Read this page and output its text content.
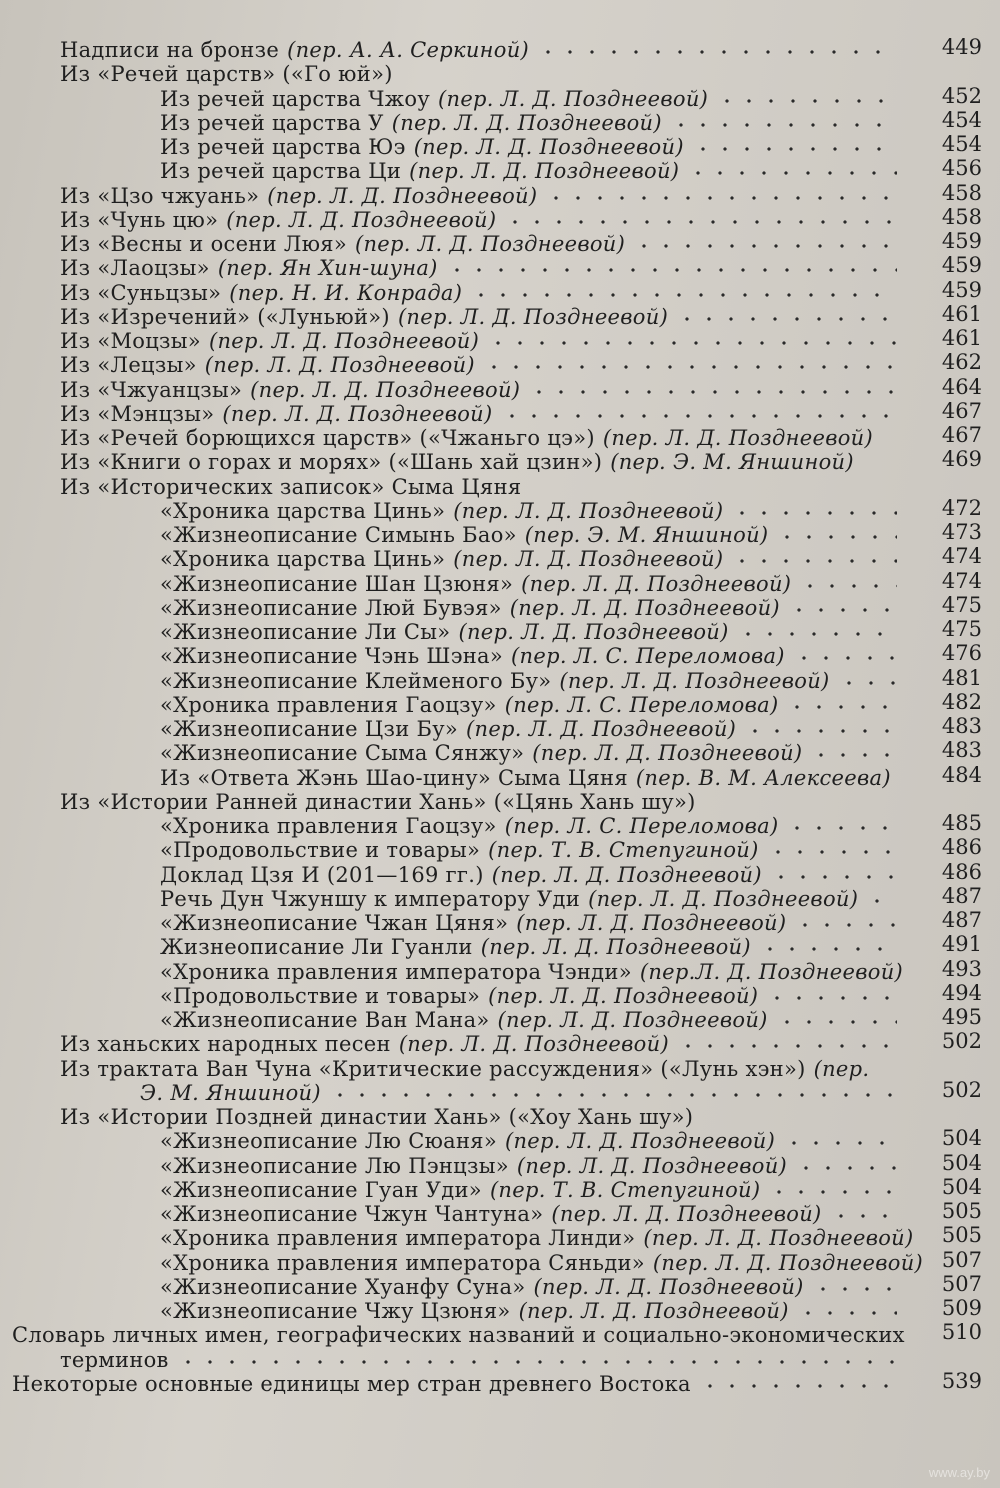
Надписи на бронзе (пер. А. А. Серкиной)	449
Из «Речей царств» («Го юй»)
Из речей царства Чжоу (пер. Л. Д. Позднеевой)	452
Из речей царства У (пер. Л. Д. Позднеевой)	454
Из речей царства Юэ (пер. Л. Д. Позднеевой)	454
Из речей царства Ци (пер. Л. Д. Позднеевой)	456
Из «Цзо чжуань» (пер. Л. Д. Позднеевой)	458
Из «Чунь цю» (пер. Л. Д. Позднеевой)	458
Из «Весны и осени Люя» (пер. Л. Д. Позднеевой)	459
Из «Лаоцзы» (пер. Ян Хин-шуна)	459
Из «Суньцзы» (пер. Н. И. Конрада)	459
Из «Изречений» («Луньюй») (пер. Л. Д. Позднеевой)	461
Из «Моцзы» (пер. Л. Д. Позднеевой)	461
Из «Лецзы» (пер. Л. Д. Позднеевой)	462
Из «Чжуанцзы» (пер. Л. Д. Позднеевой)	464
Из «Мэнцзы» (пер. Л. Д. Позднеевой)	467
Из «Речей борющихся царств» («Чжаньго цэ») (пер. Л. Д. Позднеевой)	467
Из «Книги о горах и морях» («Шань хай цзин») (пер. Э. М. Яншиной)	469
Из «Исторических записок» Сыма Цяня
«Хроника царства Цинь» (пер. Л. Д. Позднеевой)	472
«Жизнеописание Симынь Бао» (пер. Э. М. Яншиной)	473
«Хроника царства Цинь» (пер. Л. Д. Позднеевой)	474
«Жизнеописание Шан Цзюня» (пер. Л. Д. Позднеевой)	474
«Жизнеописание Люй Бувэя» (пер. Л. Д. Позднеевой)	475
«Жизнеописание Ли Сы» (пер. Л. Д. Позднеевой)	475
«Жизнеописание Чэнь Шэна» (пер. Л. С. Переломова)	476
«Жизнеописание Клейменого Бу» (пер. Л. Д. Позднеевой)	481
«Хроника правления Гаоцзу» (пер. Л. С. Переломова)	482
«Жизнеописание Цзи Бу» (пер. Л. Д. Позднеевой)	483
«Жизнеописание Сыма Сянжу» (пер. Л. Д. Позднеевой)	483
Из «Ответа Жэнь Шао-цину» Сыма Цяня (пер. В. М. Алексеева)	484
Из «Истории Ранней династии Хань» («Цянь Хань шу»)
«Хроника правления Гаоцзу» (пер. Л. С. Переломова)	485
«Продовольствие и товары» (пер. Т. В. Степугиной)	486
Доклад Цзя И (201—169 гг.) (пер. Л. Д. Позднеевой)	486
Речь Дун Чжуншу к императору Уди (пер. Л. Д. Позднеевой)	487
«Жизнеописание Чжан Цяня» (пер. Л. Д. Позднеевой)	487
Жизнеописание Ли Гуанли (пер. Л. Д. Позднеевой)	491
«Хроника правления императора Чэнди» (пер.Л. Д. Позднеевой)	493
«Продовольствие и товары» (пер. Л. Д. Позднеевой)	494
«Жизнеописание Ван Мана» (пер. Л. Д. Позднеевой)	495
Из ханьских народных песен (пер. Л. Д. Позднеевой)	502
Из трактата Ван Чуна «Критические рассуждения» («Лунь хэн») (пер.
Э. М. Яншиной)	502
Из «Истории Поздней династии Хань» («Хоу Хань шу»)
«Жизнеописание Лю Сюаня» (пер. Л. Д. Позднеевой)	504
«Жизнеописание Лю Пэнцзы» (пер. Л. Д. Позднеевой)	504
«Жизнеописание Гуан Уди» (пер. Т. В. Степугиной)	504
«Жизнеописание Чжун Чантуна» (пер. Л. Д. Позднеевой)	505
«Хроника правления императора Линди» (пер. Л. Д. Позднеевой)	505
«Хроника правления императора Сяньди» (пер. Л. Д. Позднеевой) 507
«Жизнеописание Хуанфу Суна» (пер. Л. Д. Позднеевой)	507
«Жизнеописание Чжу Цзюня» (пер. Л. Д. Позднеевой)	509
Словарь личных имен, географических названий и социально-экономических	510
терминов
Некоторые основные единицы мер стран древнего Востока	539
www.ay.by
